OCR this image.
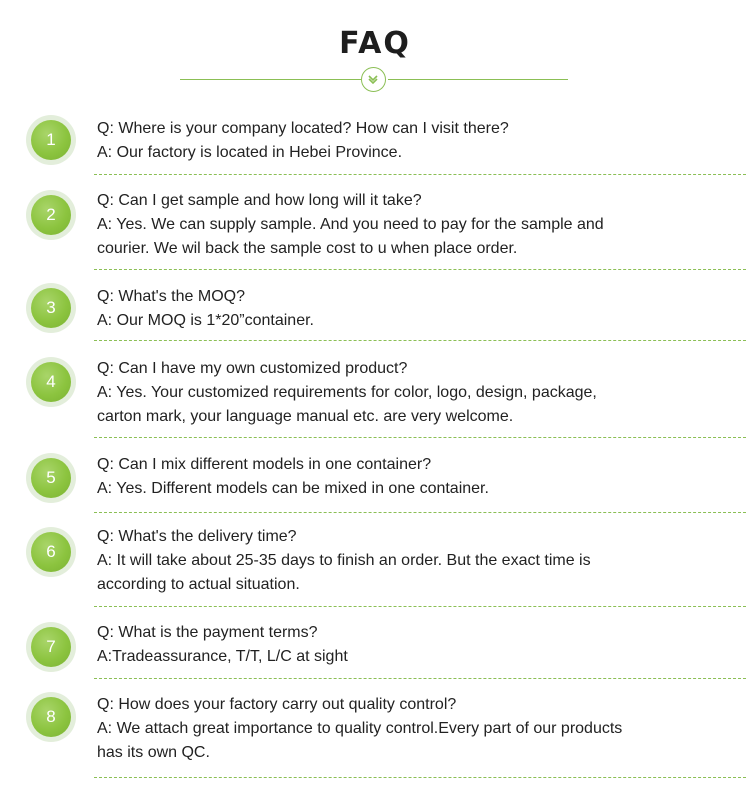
FAQ
1
Q: Where is your company located? How can I visit there?
A: Our factory is located in Hebei Province.
2
Q: Can I get sample and how long will it take?
A: Yes. We can supply sample. And you need to pay for the sample and
courier. We wil back the sample cost to u when place order.
3
Q: What's the MOQ?
A: Our MOQ is 1*20”container.
4
Q: Can I have my own customized product?
A: Yes. Your customized requirements for color, logo, design, package,
carton mark, your language manual etc. are very welcome.
5
Q: Can I mix different models in one container?
A: Yes. Different models can be mixed in one container.
6
Q: What's the delivery time?
A: It will take about 25-35 days to finish an order. But the exact time is
according to actual situation.
7
Q: What is the payment terms?
A:Tradeassurance, T/T, L/C at sight
8
Q: How does your factory carry out quality control?
A: We attach great importance to quality control.Every part of our products
has its own QC.
